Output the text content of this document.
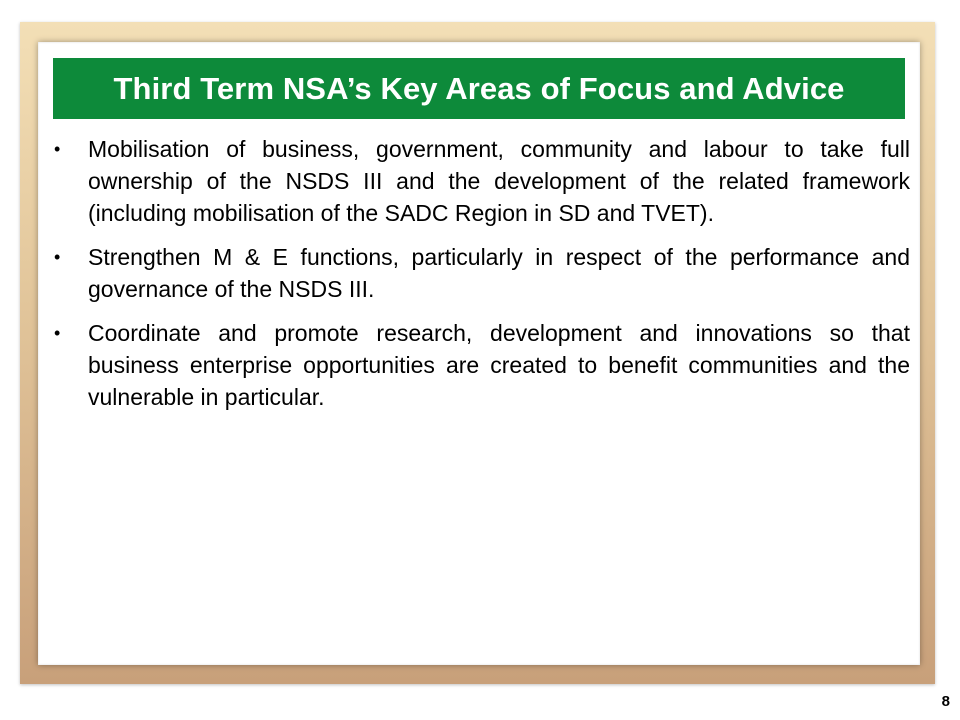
Third Term NSA’s Key Areas of Focus and Advice
• Mobilisation of business, government, community and labour to take full ownership of the NSDS III and the development of the related framework (including mobilisation of the SADC Region in SD and TVET).
• Strengthen M & E functions, particularly in respect of the performance and governance of the NSDS III.
• Coordinate and promote research, development and innovations so that business enterprise opportunities are created to benefit communities and the vulnerable in particular.
8
